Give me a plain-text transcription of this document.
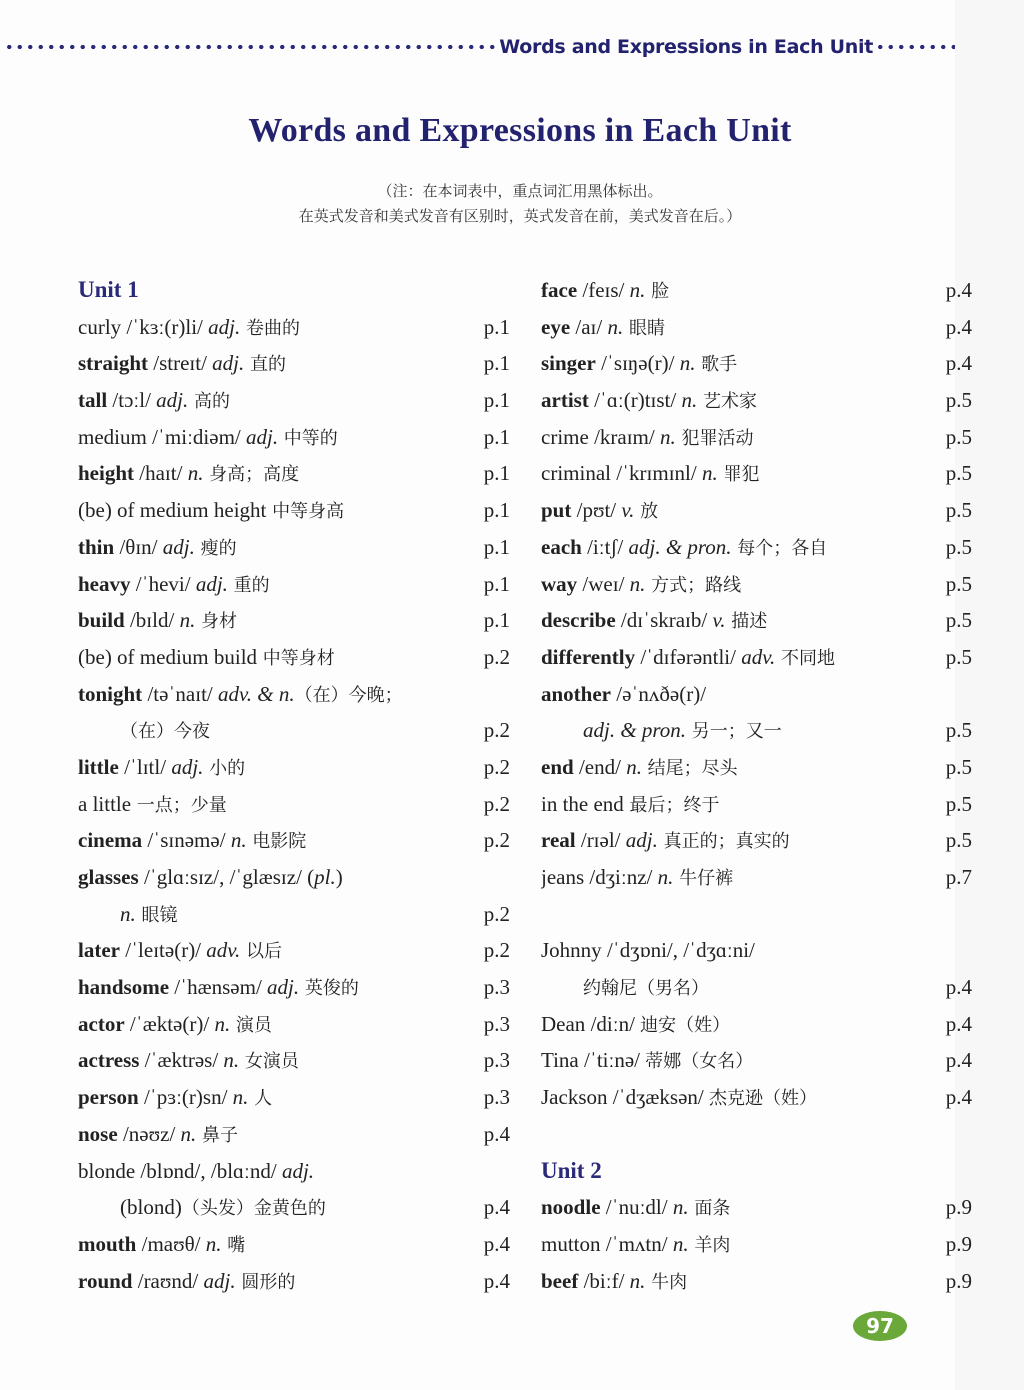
Words and Expressions in Each Unit
Words and Expressions in Each Unit
（注：在本词表中，重点词汇用黑体标出。
在英式发音和美式发音有区别时，英式发音在前，美式发音在后。）
Unit 1
curly /ˈkɜː(r)li/ adj. 卷曲的	p.1
straight /streɪt/ adj. 直的	p.1
tall /tɔːl/ adj. 高的	p.1
medium /ˈmiːdiəm/ adj. 中等的	p.1
height /haɪt/ n. 身高；高度	p.1
(be) of medium height 中等身高	p.1
thin /θɪn/ adj. 瘦的	p.1
heavy /ˈhevi/ adj. 重的	p.1
build /bɪld/ n. 身材	p.1
(be) of medium build 中等身材	p.2
tonight /təˈnaɪt/ adv. & n.（在）今晚；
（在）今夜	p.2
little /ˈlɪtl/ adj. 小的	p.2
a little 一点；少量	p.2
cinema /ˈsɪnəmə/ n. 电影院	p.2
glasses /ˈglɑːsɪz/, /ˈglæsɪz/ (pl.)
n. 眼镜	p.2
later /ˈleɪtə(r)/ adv. 以后	p.2
handsome /ˈhænsəm/ adj. 英俊的	p.3
actor /ˈæktə(r)/ n. 演员	p.3
actress /ˈæktrəs/ n. 女演员	p.3
person /ˈpɜː(r)sn/ n. 人	p.3
nose /nəʊz/ n. 鼻子	p.4
blonde /blɒnd/, /blɑːnd/ adj.
(blond)（头发）金黄色的	p.4
mouth /maʊθ/ n. 嘴	p.4
round /raʊnd/ adj. 圆形的	p.4
face /feɪs/ n. 脸	p.4
eye /aɪ/ n. 眼睛	p.4
singer /ˈsɪŋə(r)/ n. 歌手	p.4
artist /ˈɑː(r)tɪst/ n. 艺术家	p.5
crime /kraɪm/ n. 犯罪活动	p.5
criminal /ˈkrɪmɪnl/ n. 罪犯	p.5
put /pʊt/ v. 放	p.5
each /iːtʃ/ adj. & pron. 每个；各自	p.5
way /weɪ/ n. 方式；路线	p.5
describe /dɪˈskraɪb/ v. 描述	p.5
differently /ˈdɪfərəntli/ adv. 不同地	p.5
another /əˈnʌðə(r)/
adj. & pron. 另一；又一	p.5
end /end/ n. 结尾；尽头	p.5
in the end 最后；终于	p.5
real /rɪəl/ adj. 真正的；真实的	p.5
jeans /dʒiːnz/ n. 牛仔裤	p.7
Johnny /ˈdʒɒni/, /ˈdʒɑːni/
约翰尼（男名）	p.4
Dean /diːn/ 迪安（姓）	p.4
Tina /ˈtiːnə/ 蒂娜（女名）	p.4
Jackson /ˈdʒæksən/ 杰克逊（姓）	p.4
Unit 2
noodle /ˈnuːdl/ n. 面条	p.9
mutton /ˈmʌtn/ n. 羊肉	p.9
beef /biːf/ n. 牛肉	p.9
97
